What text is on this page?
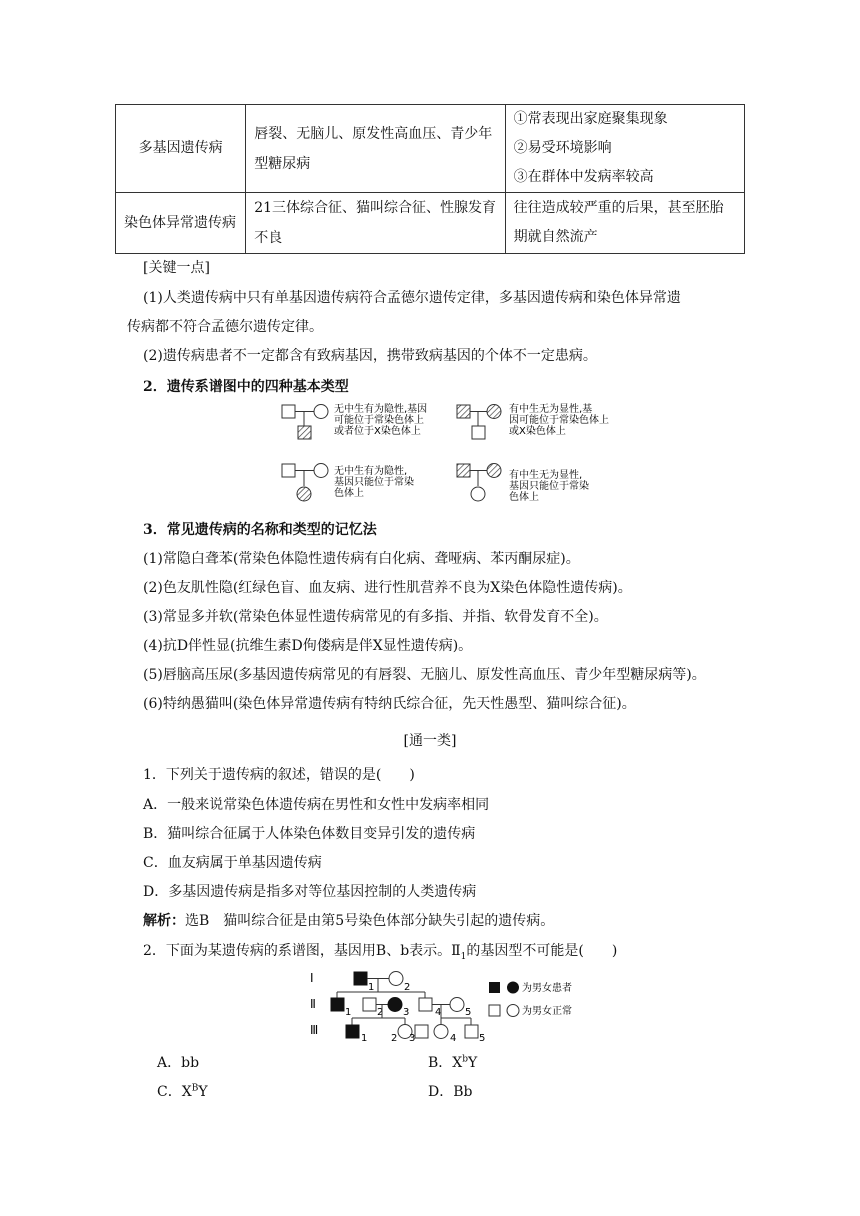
多基因遗传病	唇裂、无脑儿、原发性高血压、青少年型糖尿病	①常表现出家庭聚集现象
②易受环境影响
③在群体中发病率较高

染色体异常遗传病	21三体综合征、猫叫综合征、性腺发育不良	往往造成较严重的后果，甚至胚胎期就自然流产
[关键一点]
(1)人类遗传病中只有单基因遗传病符合孟德尔遗传定律，多基因遗传病和染色体异常遗
传病都不符合孟德尔遗传定律。
(2)遗传病患者不一定都含有致病基因，携带致病基因的个体不一定患病。
2．遗传系谱图中的四种基本类型
无中生有为隐性,基因
可能位于常染色体上
或者位于X染色体上
有中生无为显性,基
因可能位于常染色体上
或X染色体上
无中生有为隐性,
基因只能位于常染
色体上
有中生无为显性,
基因只能位于常染
色体上
3．常见遗传病的名称和类型的记忆法
(1)常隐白聋苯(常染色体隐性遗传病有白化病、聋哑病、苯丙酮尿症)。
(2)色友肌性隐(红绿色盲、血友病、进行性肌营养不良为X染色体隐性遗传病)。
(3)常显多并软(常染色体显性遗传病常见的有多指、并指、软骨发育不全)。
(4)抗D伴性显(抗维生素D佝偻病是伴X显性遗传病)。
(5)唇脑高压尿(多基因遗传病常见的有唇裂、无脑儿、原发性高血压、青少年型糖尿病等)。
(6)特纳愚猫叫(染色体异常遗传病有特纳氏综合征，先天性愚型、猫叫综合征)。
[通一类]
1．下列关于遗传病的叙述，错误的是(　　)
A．一般来说常染色体遗传病在男性和女性中发病率相同
B．猫叫综合征属于人体染色体数目变异引发的遗传病
C．血友病属于单基因遗传病
D．多基因遗传病是指多对等位基因控制的人类遗传病
解析：选B　猫叫综合征是由第5号染色体部分缺失引起的遗传病。
2．下面为某遗传病的系谱图，基因用B、b表示。$Ⅱ_1$的基因型不可能是(　　)
Ⅰ
Ⅱ
Ⅲ
1	2
1	2 3	4 5
1 2 3	4 5
为男女患者
为男女正常
A．bb	B．$X^bY$
C．$X^BY$	D．Bb
